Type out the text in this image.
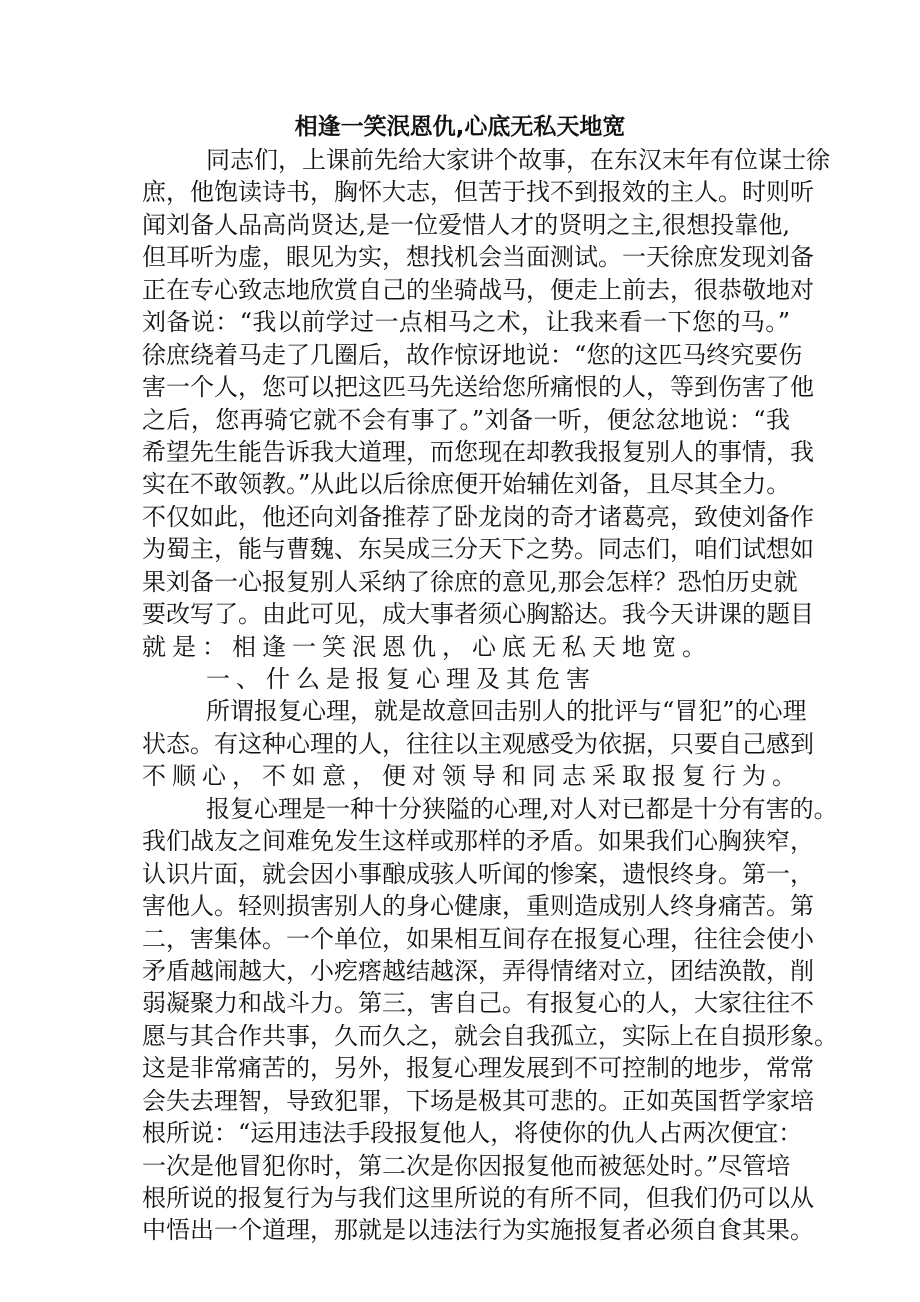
相逢一笑泯恩仇,心底无私天地宽
同志们，上课前先给大家讲个故事，在东汉末年有位谋士徐
庶，他饱读诗书，胸怀大志，但苦于找不到报效的主人。时则听
闻刘备人品高尚贤达,是一位爱惜人才的贤明之主,很想投靠他,
但耳听为虚，眼见为实，想找机会当面测试。一天徐庶发现刘备
正在专心致志地欣赏自己的坐骑战马，便走上前去，很恭敬地对
刘备说：“我以前学过一点相马之术，让我来看一下您的马。”
徐庶绕着马走了几圈后，故作惊讶地说：“您的这匹马终究要伤
害一个人，您可以把这匹马先送给您所痛恨的人，等到伤害了他
之后，您再骑它就不会有事了。”刘备一听，便忿忿地说：“我
希望先生能告诉我大道理，而您现在却教我报复别人的事情，我
实在不敢领教。”从此以后徐庶便开始辅佐刘备，且尽其全力。
不仅如此，他还向刘备推荐了卧龙岗的奇才诸葛亮，致使刘备作
为蜀主，能与曹魏、东吴成三分天下之势。同志们，咱们试想如
果刘备一心报复别人采纳了徐庶的意见,那会怎样？恐怕历史就
要改写了。由此可见，成大事者须心胸豁达。我今天讲课的题目
就是：相逢一笑泯恩仇，心底无私天地宽。
一、什么是报复心理及其危害
所谓报复心理，就是故意回击别人的批评与“冒犯”的心理
状态。有这种心理的人，往往以主观感受为依据，只要自己感到
不顺心，不如意，便对领导和同志采取报复行为。
报复心理是一种十分狭隘的心理,对人对已都是十分有害的。
我们战友之间难免发生这样或那样的矛盾。如果我们心胸狭窄，
认识片面，就会因小事酿成骇人听闻的惨案，遗恨终身。第一，
害他人。轻则损害别人的身心健康，重则造成别人终身痛苦。第
二，害集体。一个单位，如果相互间存在报复心理，往往会使小
矛盾越闹越大，小疙瘩越结越深，弄得情绪对立，团结涣散，削
弱凝聚力和战斗力。第三，害自己。有报复心的人，大家往往不
愿与其合作共事，久而久之，就会自我孤立，实际上在自损形象。
这是非常痛苦的，另外，报复心理发展到不可控制的地步，常常
会失去理智，导致犯罪，下场是极其可悲的。正如英国哲学家培
根所说：“运用违法手段报复他人，将使你的仇人占两次便宜：
一次是他冒犯你时，第二次是你因报复他而被惩处时。”尽管培
根所说的报复行为与我们这里所说的有所不同，但我们仍可以从
中悟出一个道理，那就是以违法行为实施报复者必须自食其果。
